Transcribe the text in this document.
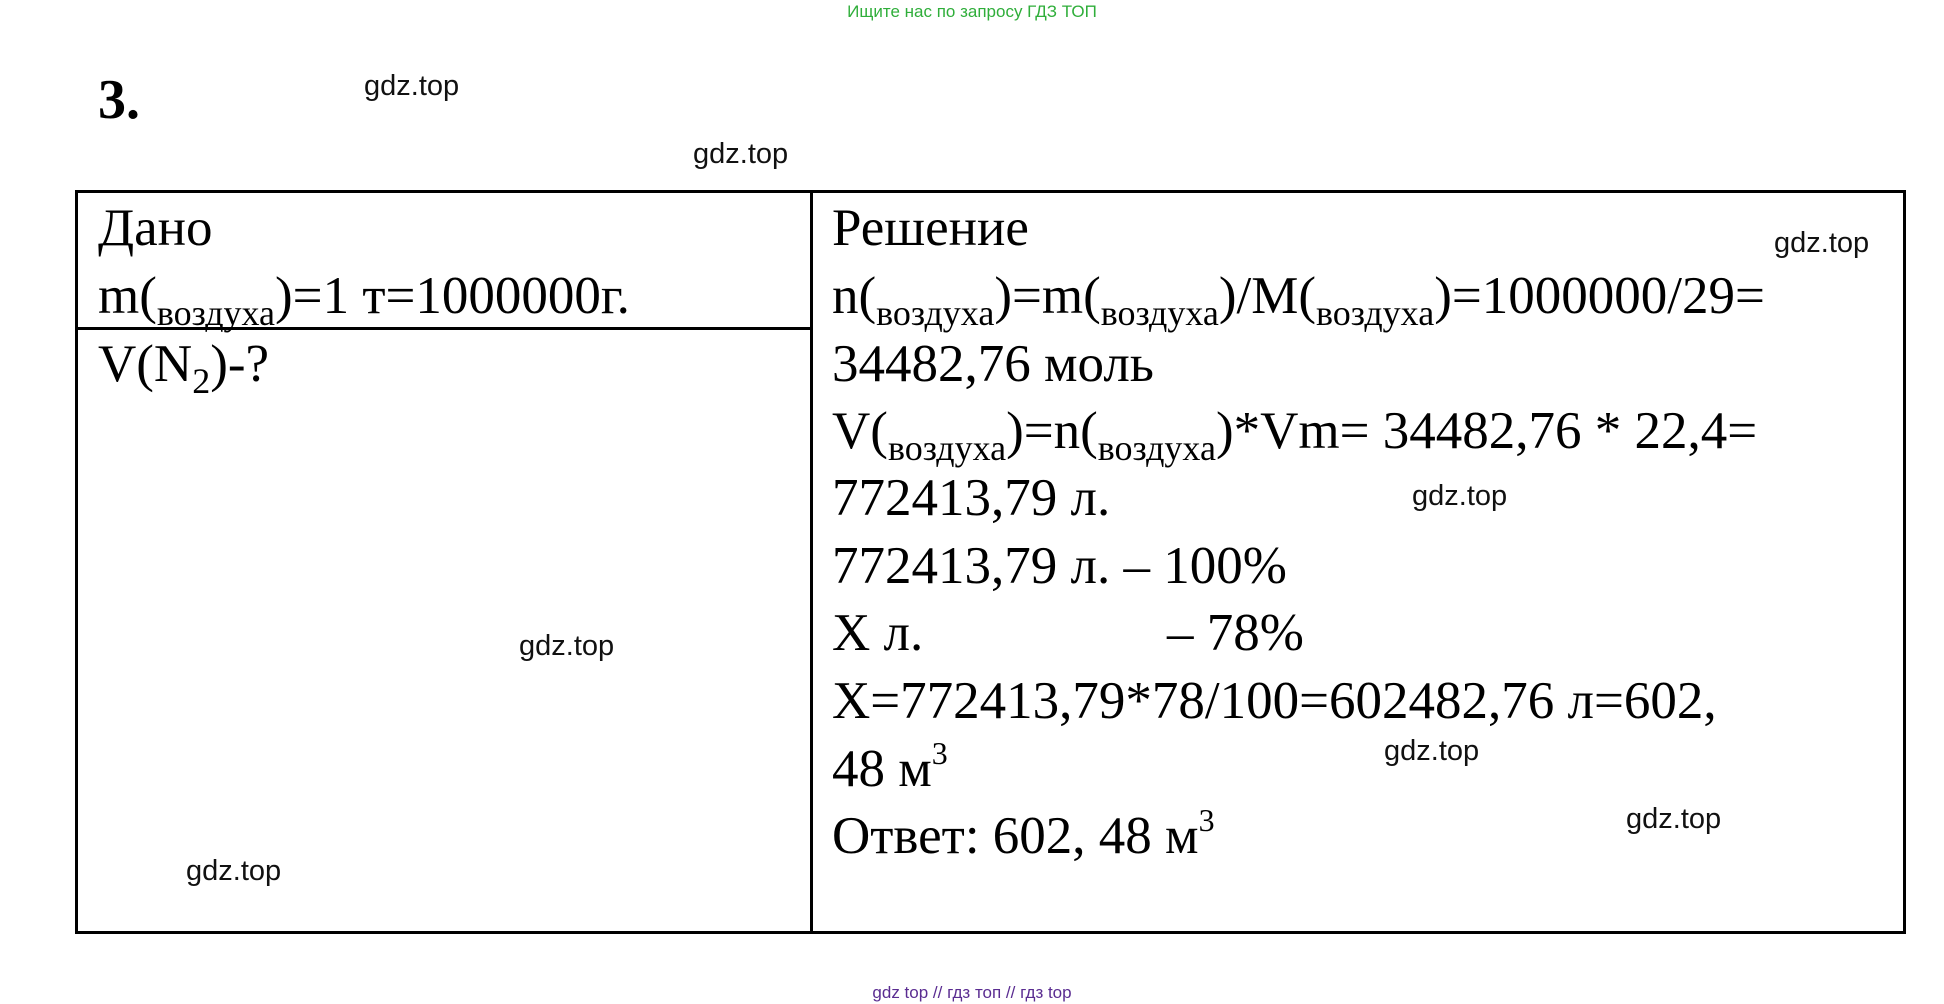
Ищите нас по запросу ГДЗ ТОП
3.	gdz.top
gdz.top
gdz.top
gdz.top
gdz.top
gdz.top
gdz.top
gdz.top
Дано
$m(_{воздуха})=1$ т=1000000г.
$V(N_2)-$?
Решение
$n(_{воздуха})=m(_{воздуха})/M(_{воздуха})=1000000/29=$
34482,76 моль
$V(_{воздуха})=n(_{воздуха})*Vm= 34482,76 * 22,4=$
772413,79 л.
772413,79 л. – 100%
Х л.	– 78%
Х=772413,79*78/100=602482,76 л=602,
48 $м^3$
Ответ: 602, 48 $м^3$
gdz top // гдз топ // гдз top
